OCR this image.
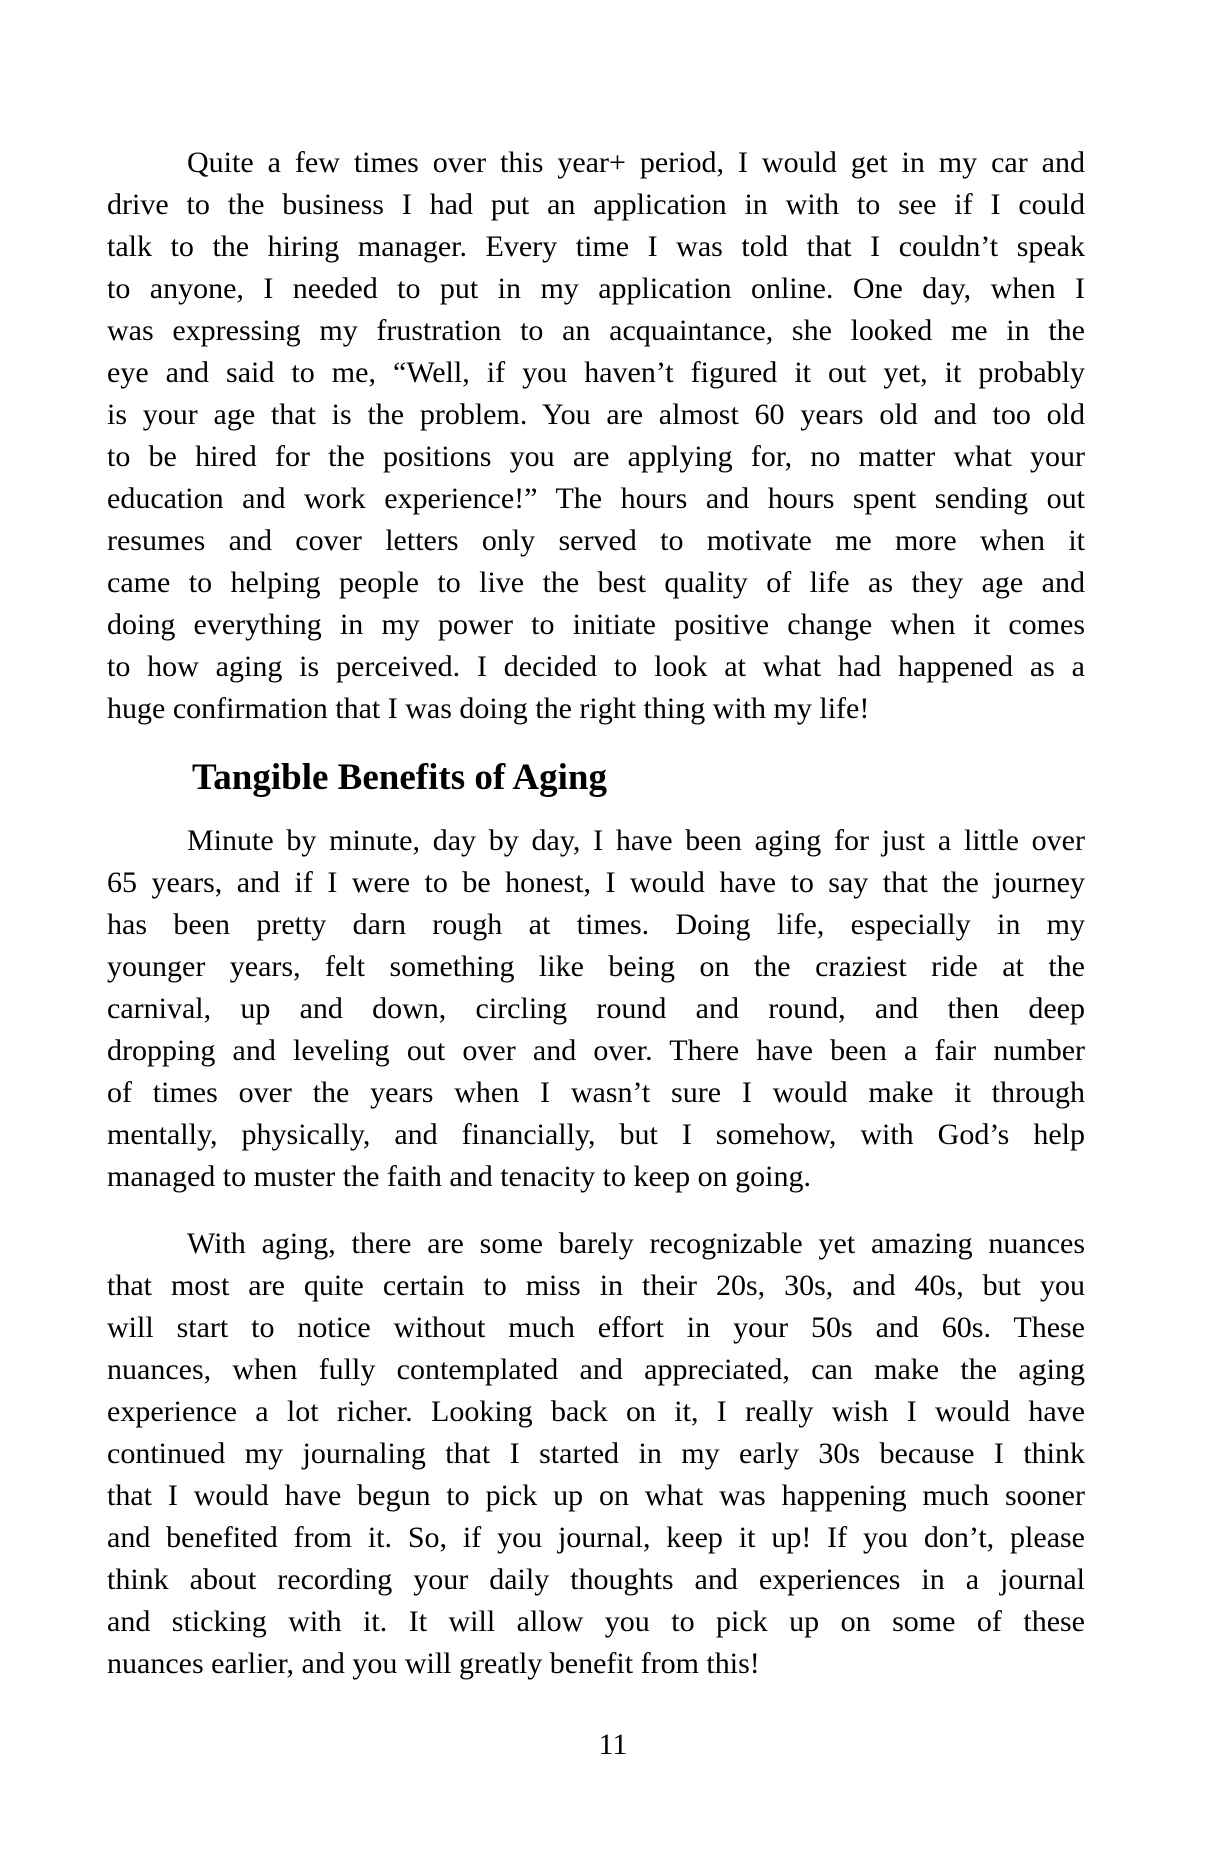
Quite a few times over this year+ period, I would get in my car and
drive to the business I had put an application in with to see if I could
talk to the hiring manager. Every time I was told that I couldn’t speak
to anyone, I needed to put in my application online. One day, when I
was expressing my frustration to an acquaintance, she looked me in the
eye and said to me, “Well, if you haven’t figured it out yet, it probably
is your age that is the problem. You are almost 60 years old and too old
to be hired for the positions you are applying for, no matter what your
education and work experience!” The hours and hours spent sending out
resumes and cover letters only served to motivate me more when it
came to helping people to live the best quality of life as they age and
doing everything in my power to initiate positive change when it comes
to how aging is perceived. I decided to look at what had happened as a
huge confirmation that I was doing the right thing with my life!
Tangible Benefits of Aging
Minute by minute, day by day, I have been aging for just a little over
65 years, and if I were to be honest, I would have to say that the journey
has been pretty darn rough at times. Doing life, especially in my
younger years, felt something like being on the craziest ride at the
carnival, up and down, circling round and round, and then deep
dropping and leveling out over and over. There have been a fair number
of times over the years when I wasn’t sure I would make it through
mentally, physically, and financially, but I somehow, with God’s help
managed to muster the faith and tenacity to keep on going.
With aging, there are some barely recognizable yet amazing nuances
that most are quite certain to miss in their 20s, 30s, and 40s, but you
will start to notice without much effort in your 50s and 60s. These
nuances, when fully contemplated and appreciated, can make the aging
experience a lot richer. Looking back on it, I really wish I would have
continued my journaling that I started in my early 30s because I think
that I would have begun to pick up on what was happening much sooner
and benefited from it. So, if you journal, keep it up! If you don’t, please
think about recording your daily thoughts and experiences in a journal
and sticking with it. It will allow you to pick up on some of these
nuances earlier, and you will greatly benefit from this!
11
